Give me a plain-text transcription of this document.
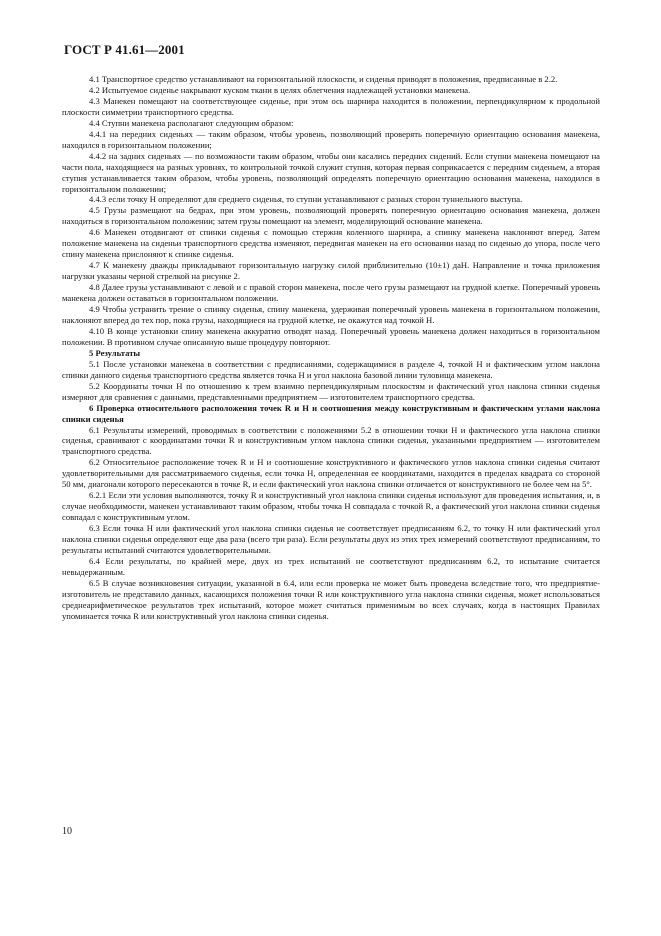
ГОСТ Р 41.61—2001

4.1 Транспортное средство устанавливают на горизонтальной плоскости, и сиденья приводят в положения, предписанные в 2.2.

4.2 Испытуемое сиденье накрывают куском ткани в целях облегчения надлежащей установки манекена.

4.3 Манекен помещают на соответствующее сиденье, при этом ось шарнира находится в положении, перпендикулярном к продольной плоскости симметрии транспортного средства.

4.4 Ступни манекена располагают следующим образом:

4.4.1 на передних сиденьях — таким образом, чтобы уровень, позволяющий проверять поперечную ориентацию основания манекена, находился в горизонтальном положении;

4.4.2 на задних сиденьях — по возможности таким образом, чтобы они касались передних сидений. Если ступни манекена помещают на части пола, находящиеся на разных уровнях, то контрольной точкой служит ступня, которая первая соприкасается с передним сиденьем, а вторая ступня устанавливается таким образом, чтобы уровень, позволяющий определять поперечную ориентацию основания манекена, находился в горизонтальном положении;

4.4.3 если точку H определяют для среднего сиденья, то ступни устанавливают с разных сторон туннельного выступа.

4.5 Грузы размещают на бедрах, при этом уровень, позволяющий проверять поперечную ориентацию основания манекена, должен находиться в горизонтальном положении; затем грузы помещают на элемент, моделирующий основание манекена.

4.6 Манекен отодвигают от спинки сиденья с помощью стержня коленного шарнира, а спинку манекена наклоняют вперед. Затем положение манекена на сиденьи транспортного средства изменяют, передвигая манекен на его основании назад по сиденью до упора, после чего спину манекена прислоняют к спинке сиденья.

4.7 К манекену дважды прикладывают горизонтальную нагрузку силой приблизительно (10±1) даН. Направление и точка приложения нагрузки указаны черной стрелкой на рисунке 2.

4.8 Далее грузы устанавливают с левой и с правой сторон манекена, после чего грузы размещают на грудной клетке. Поперечный уровень манекена должен оставаться в горизонтальном положении.

4.9 Чтобы устранить трение о спинку сиденья, спину манекена, удерживая поперечный уровень манекена в горизонтальном положении, наклоняют вперед до тех пор, пока грузы, находящиеся на грудной клетке, не окажутся над точкой H.

4.10 В конце установки спину манекена аккуратно отводят назад. Поперечный уровень манекена должен находиться в горизонтальном положении. В противном случае описанную выше процедуру повторяют.

5 Результаты

5.1 После установки манекена в соответствии с предписаниями, содержащимися в разделе 4, точкой H и фактическим углом наклона спинки данного сиденья транспортного средства является точка H и угол наклона базовой линии туловища манекена.

5.2 Координаты точки H по отношению к трем взаимно перпендикулярным плоскостям и фактический угол наклона спинки сиденья измеряют для сравнения с данными, представленными предприятием — изготовителем транспортного средства.

6 Проверка относительного расположения точек R и H и соотношения между конструктивным и фактическим углами наклона спинки сиденья

6.1 Результаты измерений, проводимых в соответствии с положениями 5.2 в отношении точки H и фактического угла наклона спинки сиденья, сравнивают с координатами точки R и конструктивным углом наклона спинки сиденья, указанными предприятием — изготовителем транспортного средства.

6.2 Относительное расположение точек R и H и соотношение конструктивного и фактического углов наклона спинки сиденья считают удовлетворительными для рассматриваемого сиденья, если точка H, определенная ее координатами, находится в пределах квадрата со стороной 50 мм, диагонали которого пересекаются в точке R, и если фактический угол наклона спинки отличается от конструктивного не более чем на 5°.

6.2.1 Если эти условия выполняются, точку R и конструктивный угол наклона спинки сиденья используют для проведения испытания, и, в случае необходимости, манекен устанавливают таким образом, чтобы точка H совпадала с точкой R, а фактический угол наклона спинки сиденья совпадал с конструктивным углом.

6.3 Если точка H или фактический угол наклона спинки сиденья не соответствует предписаниям 6.2, то точку H или фактический угол наклона спинки сиденья определяют еще два раза (всего три раза). Если результаты двух из этих трех измерений соответствуют предписаниям, то результаты испытаний считаются удовлетворительными.

6.4 Если результаты, по крайней мере, двух из трех испытаний не соответствуют предписаниям 6.2, то испытание считается невыдержанным.

6.5 В случае возникновения ситуации, указанной в 6.4, или если проверка не может быть проведена вследствие того, что предприятие-изготовитель не представило данных, касающихся положения точки R или конструктивного угла наклона спинки сиденья, может использоваться среднеарифметическое результатов трех испытаний, которое может считаться применимым во всех случаях, когда в настоящих Правилах упоминается точка R или конструктивный угол наклона спинки сиденья.

10
